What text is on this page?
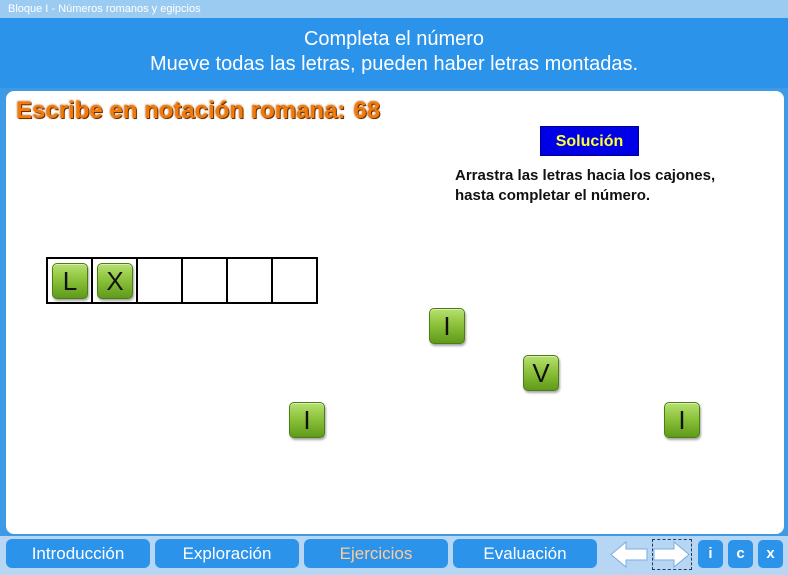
Bloque I - Números romanos y egipcios
Completa el número
Mueve todas las letras, pueden haber letras montadas.
Escribe en notación romana: 68
Solución
Arrastra las letras hacia los cajones,
hasta completar el número.
L	X
I
V
I	I
Introducción	Exploración	Ejercicios	Evaluación	i	c	x
